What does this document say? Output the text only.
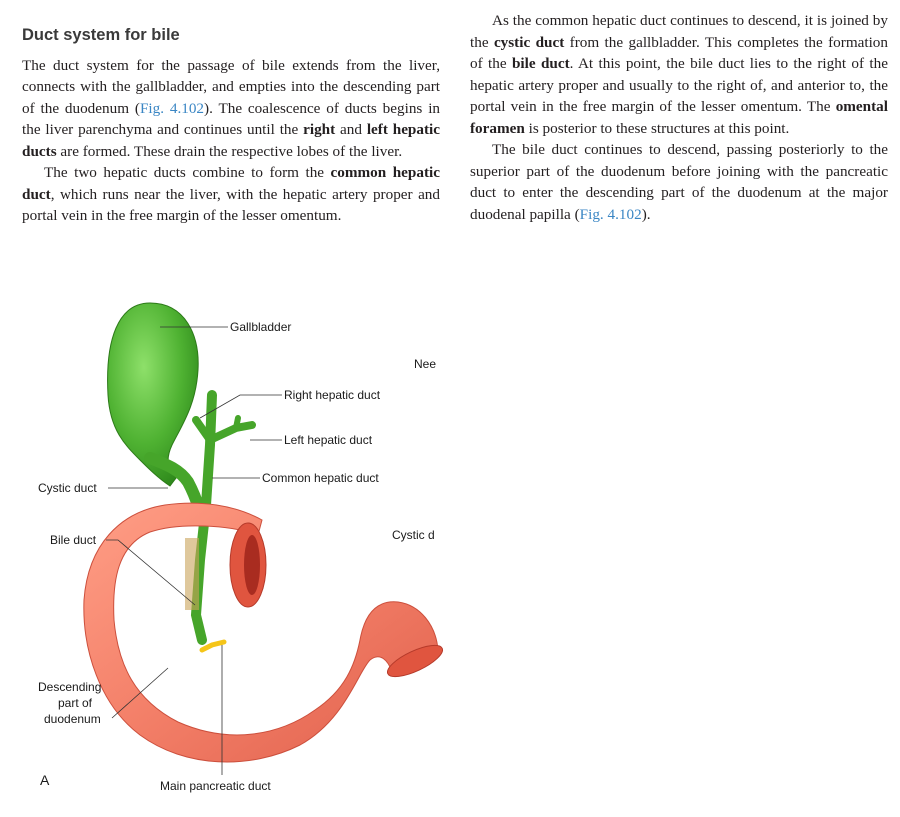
Duct system for bile

The duct system for the passage of bile extends from the liver, connects with the gallbladder, and empties into the descending part of the duodenum (Fig. 4.102). The coalescence of ducts begins in the liver parenchyma and continues until the right and left hepatic ducts are formed. These drain the respective lobes of the liver.

The two hepatic ducts combine to form the common hepatic duct, which runs near the liver, with the hepatic artery proper and portal vein in the free margin of the lesser omentum.

As the common hepatic duct continues to descend, it is joined by the cystic duct from the gallbladder. This completes the formation of the bile duct. At this point, the bile duct lies to the right of the hepatic artery proper and usually to the right of, and anterior to, the portal vein in the free margin of the lesser omentum. The omental foramen is posterior to these structures at this point.

The bile duct continues to descend, passing posteriorly to the superior part of the duodenum before joining with the pancreatic duct to enter the descending part of the duodenum at the major duodenal papilla (Fig. 4.102).

Gallbladder
Nee
Right hepatic duct
Left hepatic duct
Common hepatic duct
Cystic duct
Bile duct	Cystic d
Descending
part of
duodenum
A	Main pancreatic duct
